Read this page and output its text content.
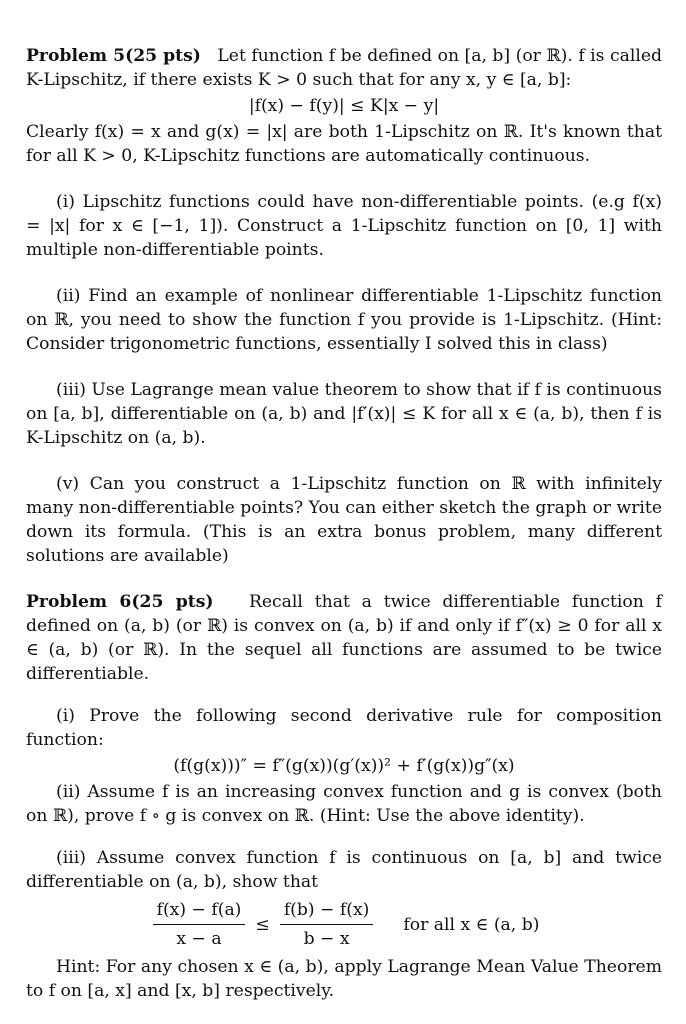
Problem 5(25 pts) Let function f be defined on [a, b] (or ℝ). f is called K-Lipschitz, if there exists K > 0 such that for any x, y ∈ [a, b]:

|f(x) − f(y)| ≤ K|x − y|

Clearly f(x) = x and g(x) = |x| are both 1-Lipschitz on ℝ. It's known that for all K > 0, K-Lipschitz functions are automatically continuous.

(i) Lipschitz functions could have non-differentiable points. (e.g f(x) = |x| for x ∈ [−1, 1]). Construct a 1-Lipschitz function on [0, 1] with multiple non-differentiable points.

(ii) Find an example of nonlinear differentiable 1-Lipschitz function on ℝ, you need to show the function f you provide is 1-Lipschitz. (Hint: Consider trigonometric functions, essentially I solved this in class)

(iii) Use Lagrange mean value theorem to show that if f is continuous on [a, b], differentiable on (a, b) and |f′(x)| ≤ K for all x ∈ (a, b), then f is K-Lipschitz on (a, b).

(v) Can you construct a 1-Lipschitz function on ℝ with infinitely many non-differentiable points? You can either sketch the graph or write down its formula. (This is an extra bonus problem, many different solutions are available)

Problem 6(25 pts) Recall that a twice differentiable function f defined on (a, b) (or ℝ) is convex on (a, b) if and only if f″(x) ≥ 0 for all x ∈ (a, b) (or ℝ). In the sequel all functions are assumed to be twice differentiable.

(i) Prove the following second derivative rule for composition function:

(f(g(x)))″ = f″(g(x))(g′(x))² + f′(g(x))g″(x)

(ii) Assume f is an increasing convex function and g is convex (both on ℝ), prove f ∘ g is convex on ℝ. (Hint: Use the above identity).

(iii) Assume convex function f is continuous on [a, b] and twice differentiable on (a, b), show that

$\frac{f(x) - f(a)}{x - a} \le \frac{f(b) - f(x)}{b - x}$ for all x ∈ (a, b)

Hint: For any chosen x ∈ (a, b), apply Lagrange Mean Value Theorem to f on [a, x] and [x, b] respectively.
